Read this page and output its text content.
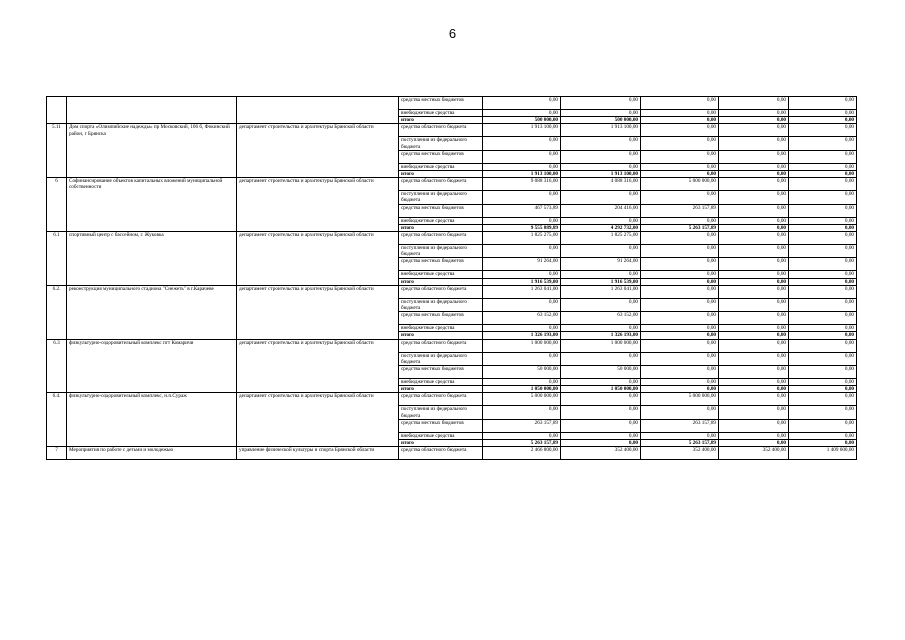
6
			средства местных бюджетов	0,00	0,00	0,00	0,00	0,00
			внебюджетные средства	0,00	0,00	0,00	0,00	0,00
			итого	500 000,00	500 000,00	0,00	0,00	0,00
5.11	Дом спорта «Олимпийские надежды» пр Московский, 106 б, Фокинский район, г Брянска	департамент строительства и архитектуры Брянской области	средства областного бюджета	1 913 100,00	1 913 100,00	0,00	0,00	0,00
			поступления из федерального бюджета	0,00	0,00	0,00	0,00	0,00
			средства местных бюджетов	0,00	0,00	0,00	0,00	0,00
			внебюджетные средства	0,00	0,00	0,00	0,00	0,00
			итого	1 913 100,00	1 913 100,00	0,00	0,00	0,00
6	Софинансирование объектов капитальных вложений муниципальной собственности	департамент строительства и архитектуры Брянской области	средства областного бюджета	9 088 316,00	4 088 316,00	5 000 000,00	0,00	0,00
			поступления из федерального бюджета	0,00	0,00	0,00	0,00	0,00
			средства местных бюджетов	467 573,89	204 416,00	263 157,89	0,00	0,00
			внебюджетные средства	0,00	0,00	0,00	0,00	0,00
			итого	9 555 889,89	4 292 732,00	5 263 157,89	0,00	0,00
6.1	спортивный центр с бассейном, г. Жуковка	департамент строительства и архитектуры Брянской области	средства областного бюджета	1 825 275,00	1 825 275,00	0,00	0,00	0,00
			поступления из федерального бюджета	0,00	0,00	0,00	0,00	0,00
			средства местных бюджетов	91 264,00	91 264,00	0,00	0,00	0,00
			внебюджетные средства	0,00	0,00	0,00	0,00	0,00
			итого	1 916 539,00	1 916 539,00	0,00	0,00	0,00
6.2.	реконструкция муниципального стадиона "Снежеть" в г.Карачеве	департамент строительства и архитектуры Брянской области	средства областного бюджета	1 263 041,00	1 263 041,00	0,00	0,00	0,00
			поступления из федерального бюджета	0,00	0,00	0,00	0,00	0,00
			средства местных бюджетов	63 152,00	63 152,00	0,00	0,00	0,00
			внебюджетные средства	0,00	0,00	0,00	0,00	0,00
			итого	1 326 193,00	1 326 193,00	0,00	0,00	0,00
6.3	физкультурно-оздоровительный комплекс пгт Комаричи	департамент строительства и архитектуры Брянской области	средства областного бюджета	1 000 000,00	1 000 000,00	0,00	0,00	0,00
			поступления из федерального бюджета	0,00	0,00	0,00	0,00	0,00
			средства местных бюджетов	50 000,00	50 000,00	0,00	0,00	0,00
			внебюджетные средства	0,00	0,00	0,00	0,00	0,00
			итого	1 050 000,00	1 050 000,00	0,00	0,00	0,00
6.4.	физкультурно-оздоровительный комплекс, н.п.Сураж	департамент строительства и архитектуры Брянской области	средства областного бюджета	5 000 000,00	0,00	5 000 000,00	0,00	0,00
			поступления из федерального бюджета	0,00	0,00	0,00	0,00	0,00
			средства местных бюджетов	263 157,89	0,00	263 157,89	0,00	0,00
			внебюджетные средства	0,00	0,00	0,00	0,00	0,00
			итого	5 263 157,89	0,00	5 263 157,89	0,00	0,00
7	Мероприятия по работе с детьми и молодежью	управление физической культуры и спорта Брянской области	средства областного бюджета	2 466 800,00	352 400,00	352 400,00	352 400,00	1 409 600,00
